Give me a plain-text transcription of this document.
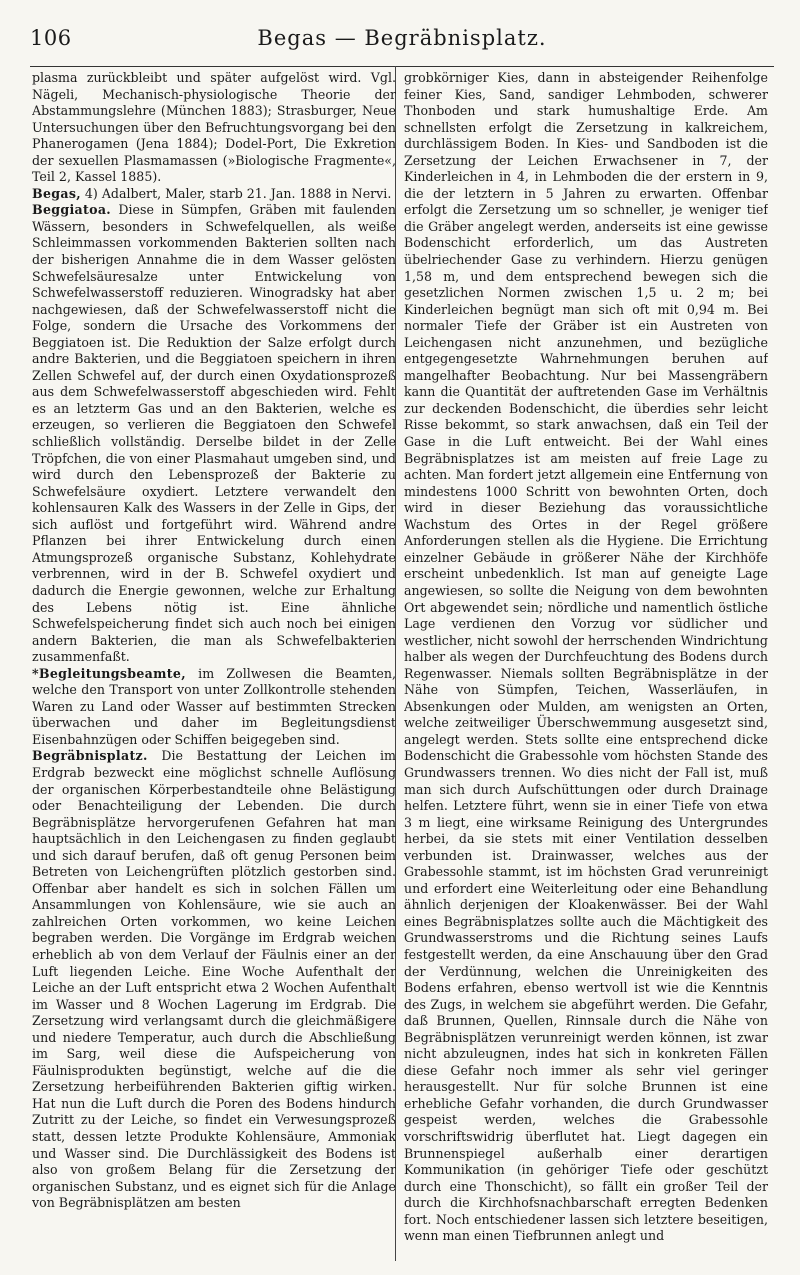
106	Begas — Begräbnisplatz.

plasma zurückbleibt und später aufgelöst wird. Vgl. Nägeli, Mechanisch-physiologische Theorie der Abstammungslehre (München 1883); Strasburger, Neue Untersuchungen über den Befruchtungsvorgang bei den Phanerogamen (Jena 1884); Dodel-Port, Die Exkretion der sexuellen Plasmamassen (»Biologische Fragmente«, Teil 2, Kassel 1885).

Begas, 4) Adalbert, Maler, starb 21. Jan. 1888 in Nervi.

Beggiatoa. Diese in Sümpfen, Gräben mit faulenden Wässern, besonders in Schwefelquellen, als weiße Schleimmassen vorkommenden Bakterien sollten nach der bisherigen Annahme die in dem Wasser gelösten Schwefelsäuresalze unter Entwickelung von Schwefelwasserstoff reduzieren. Winogradsky hat aber nachgewiesen, daß der Schwefelwasserstoff nicht die Folge, sondern die Ursache des Vorkommens der Beggiatoen ist. Die Reduktion der Salze erfolgt durch andre Bakterien, und die Beggiatoen speichern in ihren Zellen Schwefel auf, der durch einen Oxydationsprozeß aus dem Schwefelwasserstoff abgeschieden wird. Fehlt es an letzterm Gas und an den Bakterien, welche es erzeugen, so verlieren die Beggiatoen den Schwefel schließlich vollständig. Derselbe bildet in der Zelle Tröpfchen, die von einer Plasmahaut umgeben sind, und wird durch den Lebensprozeß der Bakterie zu Schwefelsäure oxydiert. Letztere verwandelt den kohlensauren Kalk des Wassers in der Zelle in Gips, der sich auflöst und fortgeführt wird. Während andre Pflanzen bei ihrer Entwickelung durch einen Atmungsprozeß organische Substanz, Kohlehydrate verbrennen, wird in der B. Schwefel oxydiert und dadurch die Energie gewonnen, welche zur Erhaltung des Lebens nötig ist. Eine ähnliche Schwefelspeicherung findet sich auch noch bei einigen andern Bakterien, die man als Schwefelbakterien zusammenfaßt.

*Begleitungsbeamte, im Zollwesen die Beamten, welche den Transport von unter Zollkontrolle stehenden Waren zu Land oder Wasser auf bestimmten Strecken überwachen und daher im Begleitungsdienst Eisenbahnzügen oder Schiffen beigegeben sind.

Begräbnisplatz. Die Bestattung der Leichen im Erdgrab bezweckt eine möglichst schnelle Auflösung der organischen Körperbestandteile ohne Belästigung oder Benachteiligung der Lebenden. Die durch Begräbnisplätze hervorgerufenen Gefahren hat man hauptsächlich in den Leichengasen zu finden geglaubt und sich darauf berufen, daß oft genug Personen beim Betreten von Leichengrüften plötzlich gestorben sind. Offenbar aber handelt es sich in solchen Fällen um Ansammlungen von Kohlensäure, wie sie auch an zahlreichen Orten vorkommen, wo keine Leichen begraben werden. Die Vorgänge im Erdgrab weichen erheblich ab von dem Verlauf der Fäulnis einer an der Luft liegenden Leiche. Eine Woche Aufenthalt der Leiche an der Luft entspricht etwa 2 Wochen Aufenthalt im Wasser und 8 Wochen Lagerung im Erdgrab. Die Zersetzung wird verlangsamt durch die gleichmäßigere und niedere Temperatur, auch durch die Abschließung im Sarg, weil diese die Aufspeicherung von Fäulnisprodukten begünstigt, welche auf die die Zersetzung herbeiführenden Bakterien giftig wirken. Hat nun die Luft durch die Poren des Bodens hindurch Zutritt zu der Leiche, so findet ein Verwesungsprozeß statt, dessen letzte Produkte Kohlensäure, Ammoniak und Wasser sind. Die Durchlässigkeit des Bodens ist also von großem Belang für die Zersetzung der organischen Substanz, und es eignet sich für die Anlage von Begräbnisplätzen am besten

grobkörniger Kies, dann in absteigender Reihenfolge feiner Kies, Sand, sandiger Lehmboden, schwerer Thonboden und stark humushaltige Erde. Am schnellsten erfolgt die Zersetzung in kalkreichem, durchlässigem Boden. In Kies- und Sandboden ist die Zersetzung der Leichen Erwachsener in 7, der Kinderleichen in 4, in Lehmboden die der erstern in 9, die der letztern in 5 Jahren zu erwarten. Offenbar erfolgt die Zersetzung um so schneller, je weniger tief die Gräber angelegt werden, anderseits ist eine gewisse Bodenschicht erforderlich, um das Austreten übelriechender Gase zu verhindern. Hierzu genügen 1,58 m, und dem entsprechend bewegen sich die gesetzlichen Normen zwischen 1,5 u. 2 m; bei Kinderleichen begnügt man sich oft mit 0,94 m. Bei normaler Tiefe der Gräber ist ein Austreten von Leichengasen nicht anzunehmen, und bezügliche entgegengesetzte Wahrnehmungen beruhen auf mangelhafter Beobachtung. Nur bei Massengräbern kann die Quantität der auftretenden Gase im Verhältnis zur deckenden Bodenschicht, die überdies sehr leicht Risse bekommt, so stark anwachsen, daß ein Teil der Gase in die Luft entweicht. Bei der Wahl eines Begräbnisplatzes ist am meisten auf freie Lage zu achten. Man fordert jetzt allgemein eine Entfernung von mindestens 1000 Schritt von bewohnten Orten, doch wird in dieser Beziehung das voraussichtliche Wachstum des Ortes in der Regel größere Anforderungen stellen als die Hygiene. Die Errichtung einzelner Gebäude in größerer Nähe der Kirchhöfe erscheint unbedenklich. Ist man auf geneigte Lage angewiesen, so sollte die Neigung von dem bewohnten Ort abgewendet sein; nördliche und namentlich östliche Lage verdienen den Vorzug vor südlicher und westlicher, nicht sowohl der herrschenden Windrichtung halber als wegen der Durchfeuchtung des Bodens durch Regenwasser. Niemals sollten Begräbnisplätze in der Nähe von Sümpfen, Teichen, Wasserläufen, in Absenkungen oder Mulden, am wenigsten an Orten, welche zeitweiliger Überschwemmung ausgesetzt sind, angelegt werden. Stets sollte eine entsprechend dicke Bodenschicht die Grabessohle vom höchsten Stande des Grundwassers trennen. Wo dies nicht der Fall ist, muß man sich durch Aufschüttungen oder durch Drainage helfen. Letztere führt, wenn sie in einer Tiefe von etwa 3 m liegt, eine wirksame Reinigung des Untergrundes herbei, da sie stets mit einer Ventilation desselben verbunden ist. Drainwasser, welches aus der Grabessohle stammt, ist im höchsten Grad verunreinigt und erfordert eine Weiterleitung oder eine Behandlung ähnlich derjenigen der Kloakenwässer. Bei der Wahl eines Begräbnisplatzes sollte auch die Mächtigkeit des Grundwasserstroms und die Richtung seines Laufs festgestellt werden, da eine Anschauung über den Grad der Verdünnung, welchen die Unreinigkeiten des Bodens erfahren, ebenso wertvoll ist wie die Kenntnis des Zugs, in welchem sie abgeführt werden. Die Gefahr, daß Brunnen, Quellen, Rinnsale durch die Nähe von Begräbnisplätzen verunreinigt werden können, ist zwar nicht abzuleugnen, indes hat sich in konkreten Fällen diese Gefahr noch immer als sehr viel geringer herausgestellt. Nur für solche Brunnen ist eine erhebliche Gefahr vorhanden, die durch Grundwasser gespeist werden, welches die Grabessohle vorschriftswidrig überflutet hat. Liegt dagegen ein Brunnenspiegel außerhalb einer derartigen Kommunikation (in gehöriger Tiefe oder geschützt durch eine Thonschicht), so fällt ein großer Teil der durch die Kirchhofsnachbarschaft erregten Bedenken fort. Noch entschiedener lassen sich letztere beseitigen, wenn man einen Tiefbrunnen anlegt und
